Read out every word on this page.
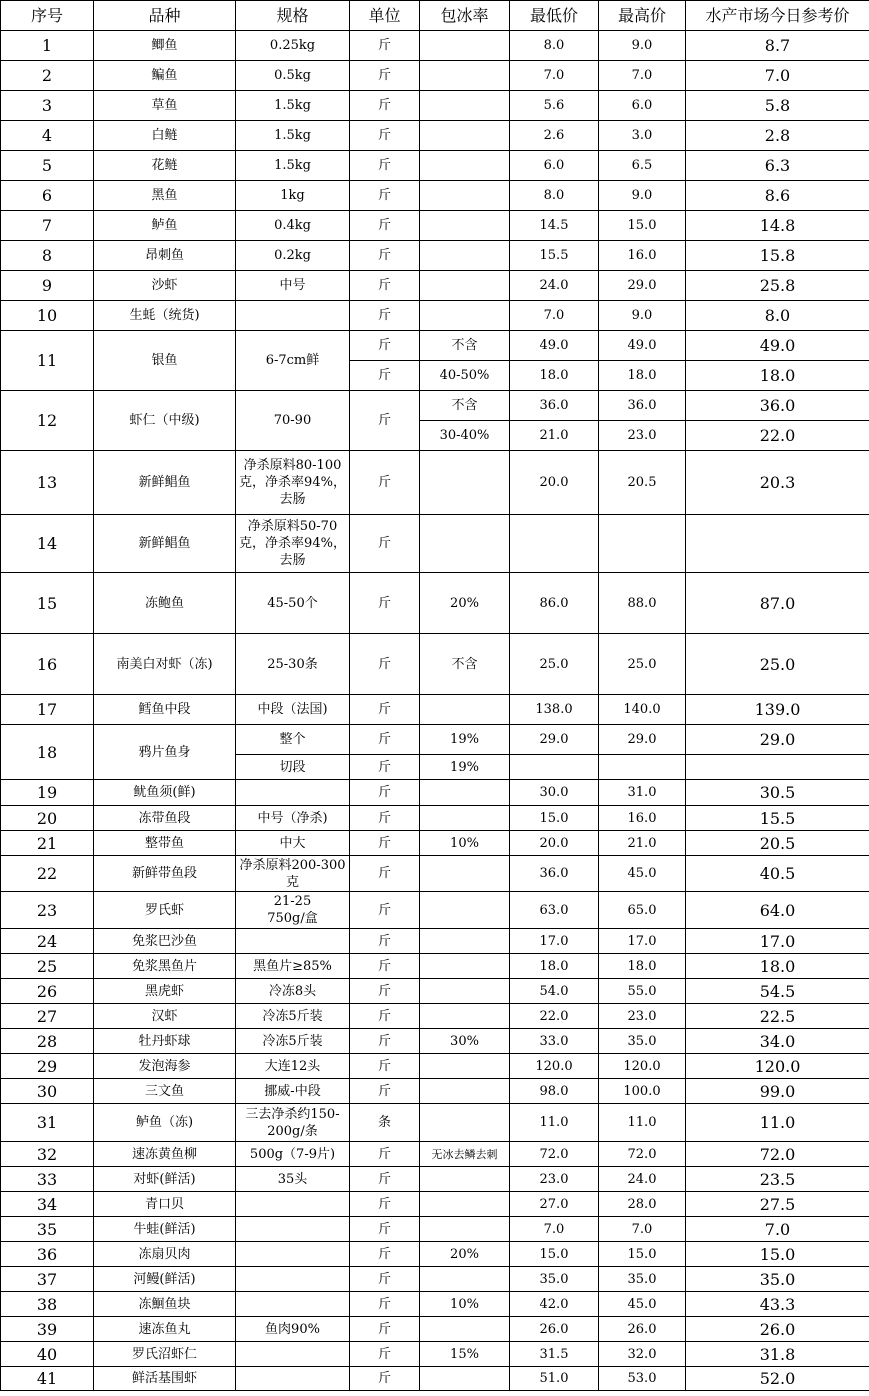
序号	品种	规格	单位	包冰率	最低价	最高价	水产市场今日参考价
1	鲫鱼	0.25kg	斤		8.0	9.0	8.7
2	鳊鱼	0.5kg	斤		7.0	7.0	7.0
3	草鱼	1.5kg	斤		5.6	6.0	5.8
4	白鲢	1.5kg	斤		2.6	3.0	2.8
5	花鲢	1.5kg	斤		6.0	6.5	6.3
6	黑鱼	1kg	斤		8.0	9.0	8.6
7	鲈鱼	0.4kg	斤		14.5	15.0	14.8
8	昂刺鱼	0.2kg	斤		15.5	16.0	15.8
9	沙虾	中号	斤		24.0	29.0	25.8
10	生蚝（统货)		斤		7.0	9.0	8.0
11	银鱼	6-7cm鲜	斤	不含	49.0	49.0	49.0
			斤	40-50%	18.0	18.0	18.0
12	虾仁（中级)	70-90	斤	不含	36.0	36.0	36.0
				30-40%	21.0	23.0	22.0
13	新鲜鲳鱼	净杀原料80-100克，净杀率94%，去肠	斤		20.0	20.5	20.3
14	新鲜鲳鱼	净杀原料50-70克，净杀率94%，去肠	斤				
15	冻鲍鱼	45-50个	斤	20%	86.0	88.0	87.0
16	南美白对虾（冻)	25-30条	斤	不含	25.0	25.0	25.0
17	鳕鱼中段	中段（法国)	斤		138.0	140.0	139.0
18	鸦片鱼身	整个	斤	19%	29.0	29.0	29.0
		切段	斤	19%			
19	鱿鱼须(鲜)		斤		30.0	31.0	30.5
20	冻带鱼段	中号（净杀)	斤		15.0	16.0	15.5
21	整带鱼	中大	斤	10%	20.0	21.0	20.5
22	新鲜带鱼段	净杀原料200-300克	斤		36.0	45.0	40.5
23	罗氏虾	21-25
750g/盒	斤		63.0	65.0	64.0
24	免浆巴沙鱼		斤		17.0	17.0	17.0
25	免浆黑鱼片	黑鱼片≥85%	斤		18.0	18.0	18.0
26	黑虎虾	冷冻8头	斤		54.0	55.0	54.5
27	汉虾	冷冻5斤装	斤		22.0	23.0	22.5
28	牡丹虾球	冷冻5斤装	斤	30%	33.0	35.0	34.0
29	发泡海参	大连12头	斤		120.0	120.0	120.0
30	三文鱼	挪威-中段	斤		98.0	100.0	99.0
31	鲈鱼（冻)	三去净杀约150-200g/条	条		11.0	11.0	11.0
32	速冻黄鱼柳	500g（7-9片)	斤	无冰去鳞去刺	72.0	72.0	72.0
33	对虾(鲜活)	35头	斤		23.0	24.0	23.5
34	青口贝		斤		27.0	28.0	27.5
35	牛蛙(鲜活)		斤		7.0	7.0	7.0
36	冻扇贝肉		斤	20%	15.0	15.0	15.0
37	河鳗(鲜活)		斤		35.0	35.0	35.0
38	冻鮰鱼块		斤	10%	42.0	45.0	43.3
39	速冻鱼丸	鱼肉90%	斤		26.0	26.0	26.0
40	罗氏沼虾仁		斤	15%	31.5	32.0	31.8
41	鲜活基围虾		斤		51.0	53.0	52.0
